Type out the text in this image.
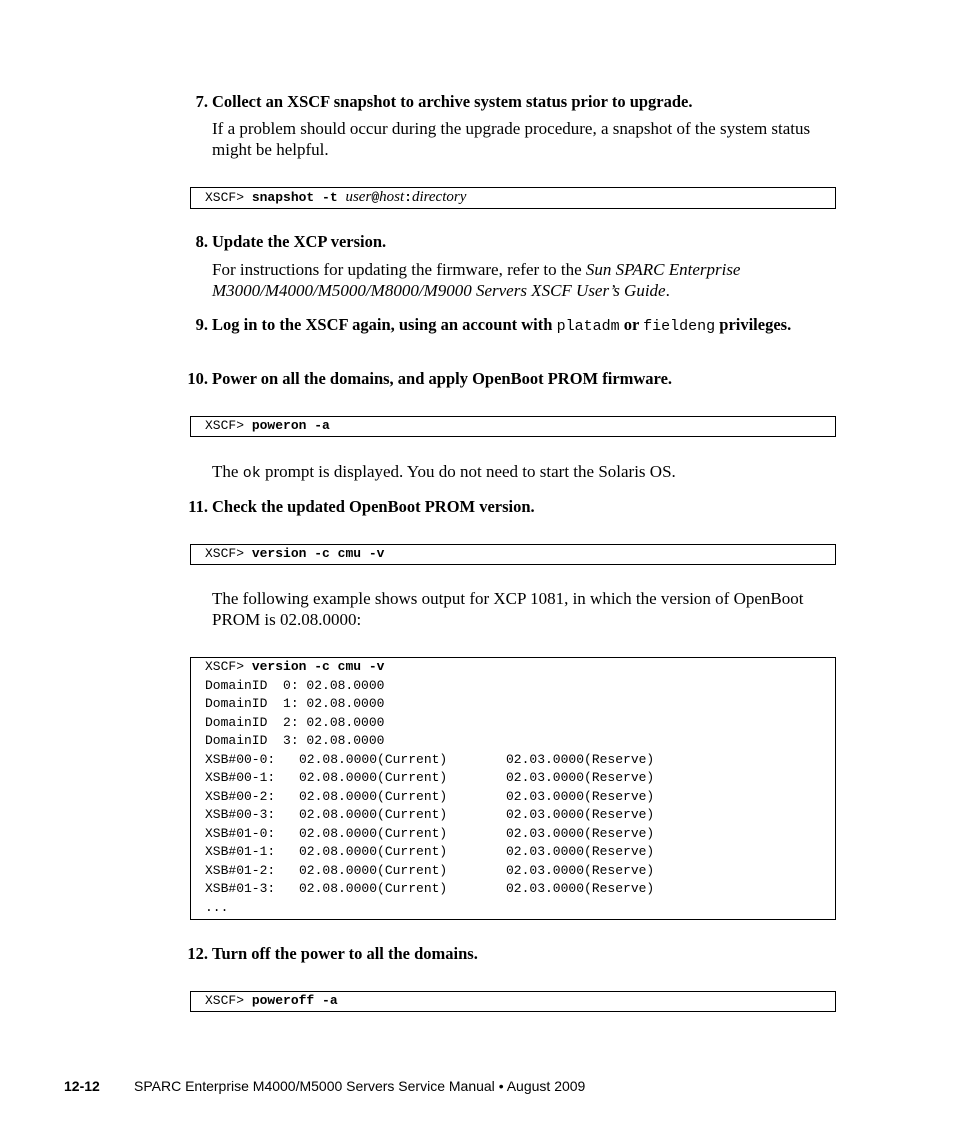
7. Collect an XSCF snapshot to archive system status prior to upgrade.
If a problem should occur during the upgrade procedure, a snapshot of the system status might be helpful.
XSCF> snapshot -t user@host:directory
8. Update the XCP version.
For instructions for updating the firmware, refer to the Sun SPARC Enterprise M3000/M4000/M5000/M8000/M9000 Servers XSCF User’s Guide.
9. Log in to the XSCF again, using an account with platadm or fieldeng privileges.
10. Power on all the domains, and apply OpenBoot PROM firmware.
XSCF> poweron -a
The ok prompt is displayed. You do not need to start the Solaris OS.
11. Check the updated OpenBoot PROM version.
XSCF> version -c cmu -v
The following example shows output for XCP 1081, in which the version of OpenBoot PROM is 02.08.0000:
XSCF> version -c cmu -v
DomainID  0: 02.08.0000
DomainID  1: 02.08.0000
DomainID  2: 02.08.0000
DomainID  3: 02.08.0000
XSB#00-0: 02.08.0000(Current)	02.03.0000(Reserve)
XSB#00-1: 02.08.0000(Current)	02.03.0000(Reserve)
XSB#00-2: 02.08.0000(Current)	02.03.0000(Reserve)
XSB#00-3: 02.08.0000(Current)	02.03.0000(Reserve)
XSB#01-0: 02.08.0000(Current)	02.03.0000(Reserve)
XSB#01-1: 02.08.0000(Current)	02.03.0000(Reserve)
XSB#01-2: 02.08.0000(Current)	02.03.0000(Reserve)
XSB#01-3: 02.08.0000(Current)	02.03.0000(Reserve)
...
12. Turn off the power to all the domains.
XSCF> poweroff -a
12-12 SPARC Enterprise M4000/M5000 Servers Service Manual • August 2009
